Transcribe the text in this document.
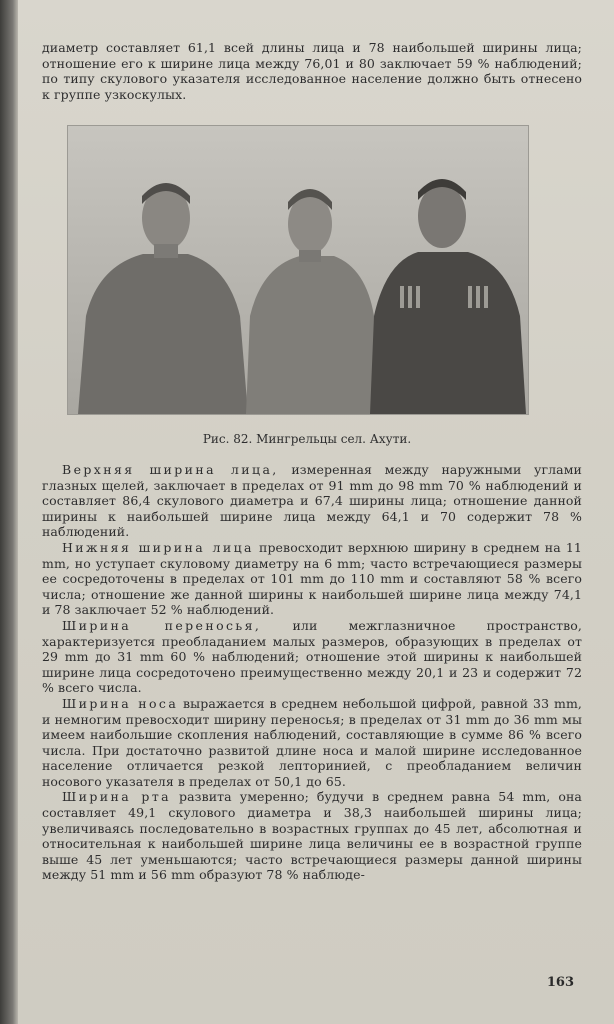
диаметр составляет 61,1 всей длины лица и 78 наибольшей ширины лица; отношение его к ширине лица между 76,01 и 80 заключает 59 % наблюдений; по типу скулового указателя исследованное население должно быть отнесено к группе узкоскулых.

Рис. 82. Мингрельцы сел. Ахути.

Верхняя ширина лица, измеренная между наружными углами глазных щелей, заключает в пределах от 91 mm до 98 mm 70 % наблюдений и составляет 86,4 скулового диаметра и 67,4 ширины лица; отношение данной ширины к наибольшей ширине лица между 64,1 и 70 содержит 78 % наблюдений.

Нижняя ширина лица превосходит верхнюю ширину в среднем на 11 mm, но уступает скуловому диаметру на 6 mm; часто встречающиеся размеры ее сосредоточены в пределах от 101 mm до 110 mm и составляют 58 % всего числа; отношение же данной ширины к наибольшей ширине лица между 74,1 и 78 заключает 52 % наблюдений.

Ширина переносья, или межглазничное пространство, характеризуется преобладанием малых размеров, образующих в пределах от 29 mm до 31 mm 60 % наблюдений; отношение этой ширины к наибольшей ширине лица сосредоточено преимущественно между 20,1 и 23 и содержит 72 % всего числа.

Ширина носа выражается в среднем небольшой цифрой, равной 33 mm, и немногим превосходит ширину переносья; в пределах от 31 mm до 36 mm мы имеем наибольшие скопления наблюдений, составляющие в сумме 86 % всего числа. При достаточно развитой длине носа и малой ширине исследованное население отличается резкой лепторинией, с преобладанием величин носового указателя в пределах от 50,1 до 65.

Ширина рта развита умеренно; будучи в среднем равна 54 mm, она составляет 49,1 скулового диаметра и 38,3 наибольшей ширины лица; увеличиваясь последовательно в возрастных группах до 45 лет, абсолютная и относительная к наибольшей ширине лица величины ее в возрастной группе выше 45 лет уменьшаются; часто встречающиеся размеры данной ширины между 51 mm и 56 mm образуют 78 % наблюде-

163
